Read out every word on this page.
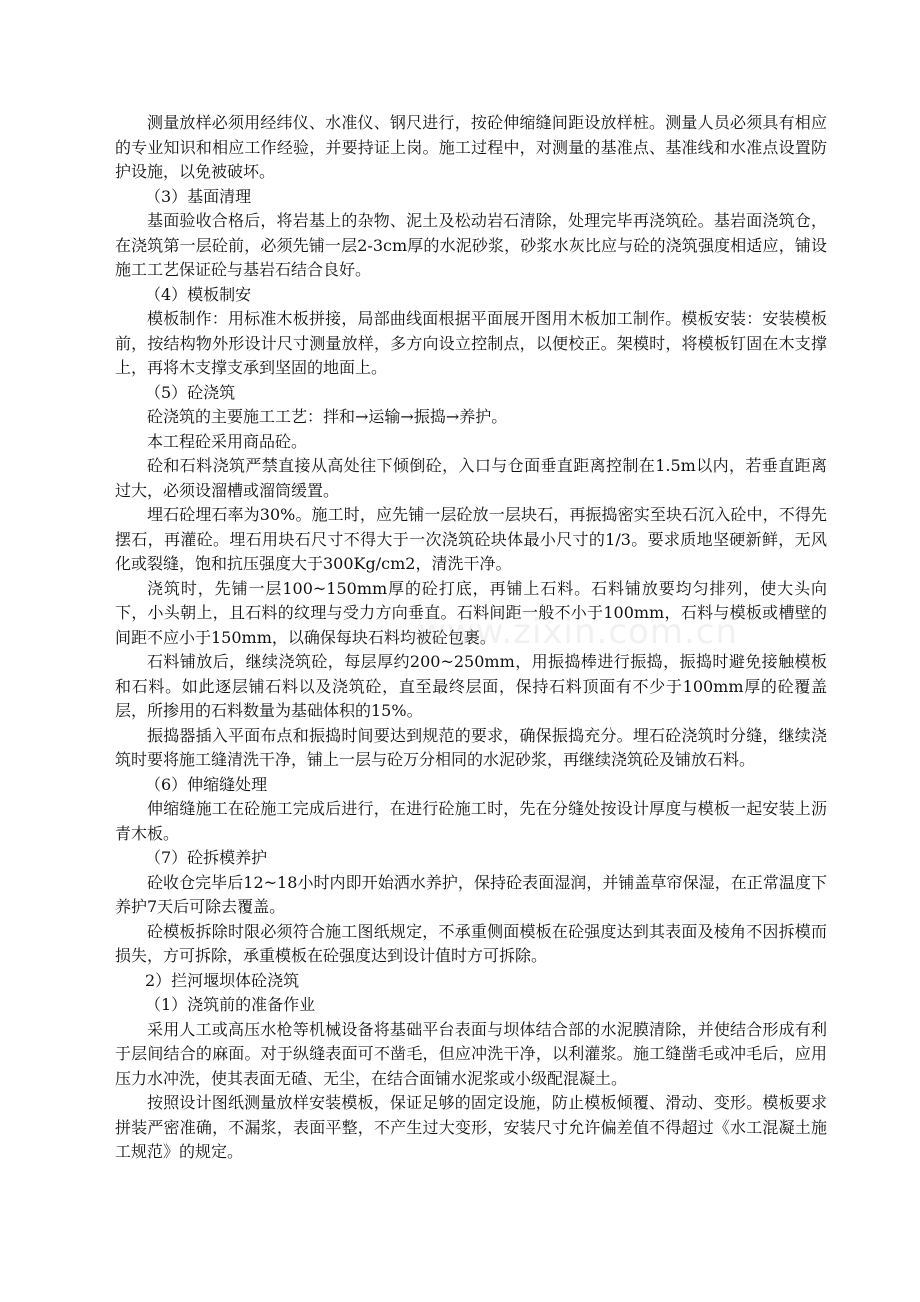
测量放样必须用经纬仪、水准仪、钢尺进行，按砼伸缩缝间距设放样桩。测量人员必须具有相应的专业知识和相应工作经验，并要持证上岗。施工过程中，对测量的基准点、基准线和水准点设置防护设施，以免被破坏。

（3）基面清理

基面验收合格后，将岩基上的杂物、泥土及松动岩石清除，处理完毕再浇筑砼。基岩面浇筑仓，在浇筑第一层砼前，必须先铺一层2-3cm厚的水泥砂浆，砂浆水灰比应与砼的浇筑强度相适应，铺设施工工艺保证砼与基岩石结合良好。

（4）模板制安

模板制作：用标准木板拼接，局部曲线面根据平面展开图用木板加工制作。模板安装：安装模板前，按结构物外形设计尺寸测量放样，多方向设立控制点，以便校正。架模时，将模板钉固在木支撑上，再将木支撑支承到坚固的地面上。

（5）砼浇筑

砼浇筑的主要施工工艺：拌和→运输→振捣→养护。

本工程砼采用商品砼。

砼和石料浇筑严禁直接从高处往下倾倒砼，入口与仓面垂直距离控制在1.5m以内，若垂直距离过大，必须设溜槽或溜筒缓置。

埋石砼埋石率为30%。施工时，应先铺一层砼放一层块石，再振捣密实至块石沉入砼中，不得先摆石，再灌砼。埋石用块石尺寸不得大于一次浇筑砼块体最小尺寸的1/3。要求质地坚硬新鲜，无风化或裂缝，饱和抗压强度大于300Kg/cm2，清洗干净。

浇筑时，先铺一层100~150mm厚的砼打底，再铺上石料。石料铺放要均匀排列，使大头向下，小头朝上，且石料的纹理与受力方向垂直。石料间距一般不小于100mm，石料与模板或槽壁的间距不应小于150mm，以确保每块石料均被砼包裹。

石料铺放后，继续浇筑砼，每层厚约200~250mm，用振捣棒进行振捣，振捣时避免接触模板和石料。如此逐层铺石料以及浇筑砼，直至最终层面，保持石料顶面有不少于100mm厚的砼覆盖层，所掺用的石料数量为基础体积的15%。

振捣器插入平面布点和振捣时间要达到规范的要求，确保振捣充分。埋石砼浇筑时分缝，继续浇筑时要将施工缝清洗干净，铺上一层与砼万分相同的水泥砂浆，再继续浇筑砼及铺放石料。

（6）伸缩缝处理

伸缩缝施工在砼施工完成后进行，在进行砼施工时，先在分缝处按设计厚度与模板一起安装上沥青木板。

（7）砼拆模养护

砼收仓完毕后12~18小时内即开始洒水养护，保持砼表面湿润，并铺盖草帘保湿，在正常温度下养护7天后可除去覆盖。

砼模板拆除时限必须符合施工图纸规定，不承重侧面模板在砼强度达到其表面及棱角不因拆模而损失，方可拆除，承重模板在砼强度达到设计值时方可拆除。

2）拦河堰坝体砼浇筑

（1）浇筑前的准备作业

采用人工或高压水枪等机械设备将基础平台表面与坝体结合部的水泥膜清除，并使结合形成有利于层间结合的麻面。对于纵缝表面可不凿毛，但应冲洗干净，以利灌浆。施工缝凿毛或冲毛后，应用压力水冲洗，使其表面无碴、无尘，在结合面铺水泥浆或小级配混凝土。

按照设计图纸测量放样安装模板，保证足够的固定设施，防止模板倾覆、滑动、变形。模板要求拼装严密准确，不漏浆，表面平整，不产生过大变形，安装尺寸允许偏差值不得超过《水工混凝土施工规范》的规定。

www.zixin.com.cn
